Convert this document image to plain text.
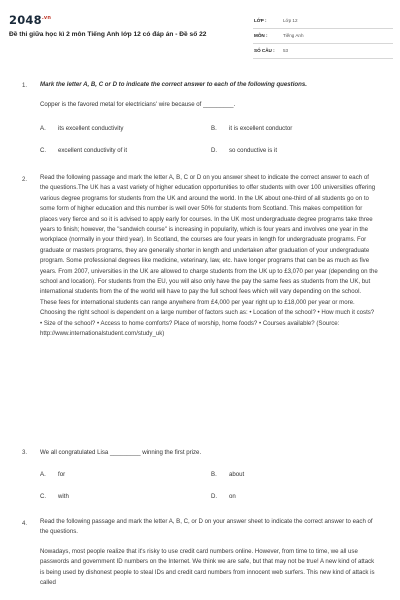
$2048^{.vn}$
Đề thi giữa học kì 2 môn Tiếng Anh lớp 12 có đáp án - Đề số 22
LỚP :	Lớp 12
MÔN :	Tiếng Anh
SỐ CÂU : 53
1. Mark the letter A, B, C or D to indicate the correct answer to each of the following questions.
Copper is the favored metal for electricians' wire because of _________.
A. its excellent conductivity	B. it is excellent conductor
C. excellent conductivity of it	D. so conductive is it
2. Read the following passage and mark the letter A, B, C or D on you answer sheet to indicate the correct answer to each of the questions.The UK has a vast variety of higher education opportunities to offer students with over 100 universities offering various degree programs for students from the UK and around the world. In the UK about one-third of all students go on to some form of higher education and this number is well over 50% for students from Scotland. This makes competition for places very fierce and so it is advised to apply early for courses. In the UK most undergraduate degree programs take three years to finish; however, the "sandwich course" is increasing in popularity, which is four years and involves one year in the workplace (normally in your third year). In Scotland, the courses are four years in length for undergraduate programs. For graduate or masters programs, they are generally shorter in length and undertaken after graduation of your undergraduate program. Some professional degrees like medicine, veterinary, law, etc. have longer programs that can be as much as five years. From 2007, universities in the UK are allowed to charge students from the UK up to £3,070 per year (depending on the school and location). For students from the EU, you will also only have the pay the same fees as students from the UK, but international students from the of the world will have to pay the full school fees which will vary depending on the school. These fees for international students can range anywhere from £4,000 per year right up to £18,000 per year or more. Choosing the right school is dependent on a large number of factors such as: • Location of the school? • How much it costs? • Size of the school? • Access to home comforts? Place of worship, home foods? • Courses available? (Source: http://www.internationalstudent.com/study_uk)
3. We all congratulated Lisa _________ winning the first prize.
A. for	B. about
C. with	D. on
4. Read the following passage and mark the letter A, B, C, or D on your answer sheet to indicate the correct answer to each of the questions.
Nowadays, most people realize that it's risky to use credit card numbers online. However, from time to time, we all use passwords and government ID numbers on the Internet. We think we are safe, but that may not be true! A new kind of attack is being used by dishonest people to steal IDs and credit card numbers from innocent web surfers. This new kind of attack is called
